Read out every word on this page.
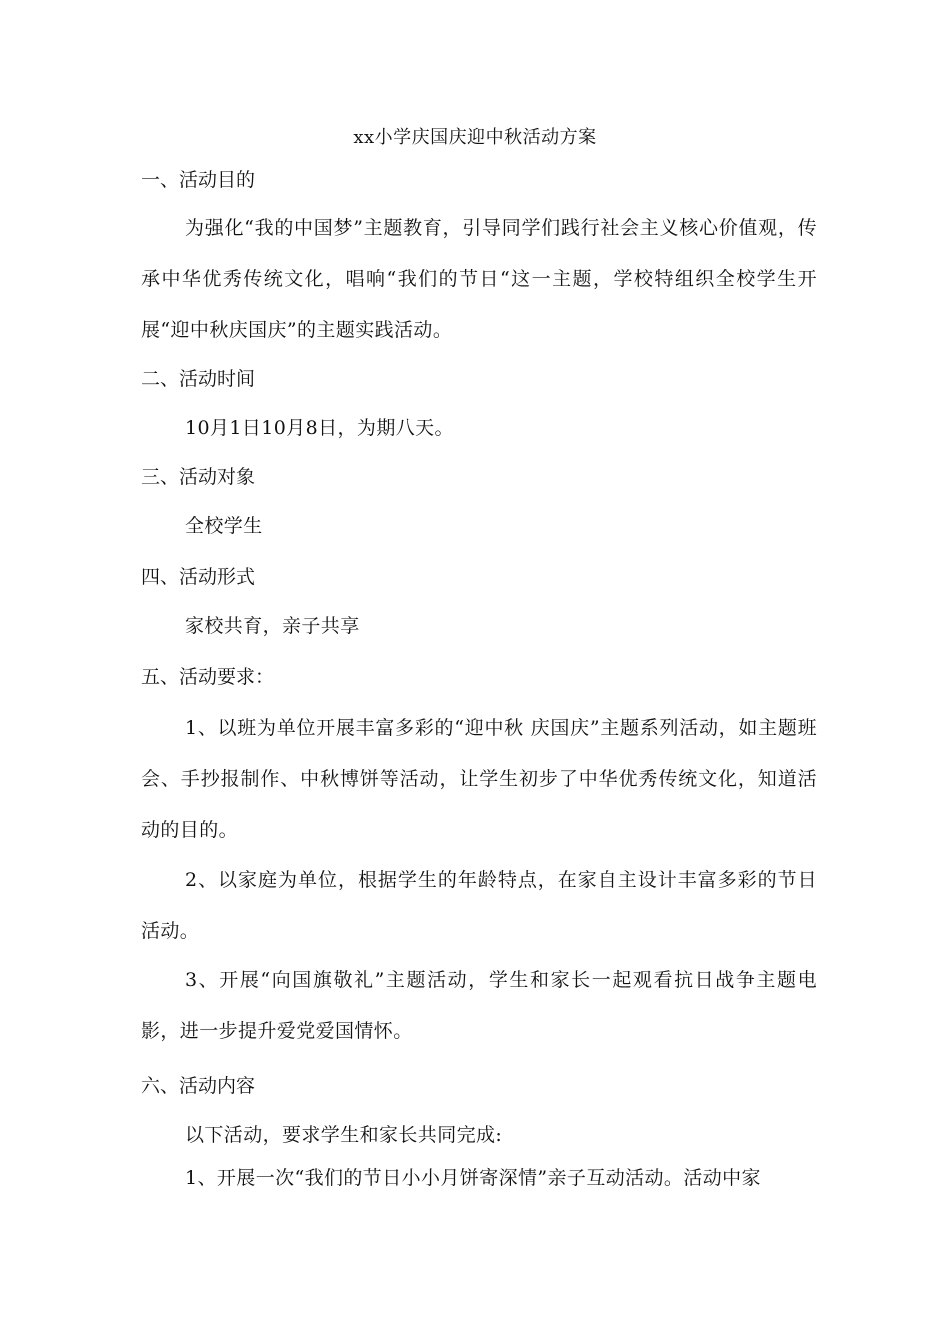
xx小学庆国庆迎中秋活动方案
一、活动目的
为强化“我的中国梦”主题教育，引导同学们践行社会主义核心价值观，传承中华优秀传统文化，唱响“我们的节日“这一主题，学校特组织全校学生开展“迎中秋庆国庆”的主题实践活动。
二、活动时间
10月1日10月8日，为期八天。
三、活动对象
全校学生
四、活动形式
家校共育，亲子共享
五、活动要求：
1、以班为单位开展丰富多彩的“迎中秋 庆国庆”主题系列活动，如主题班会、手抄报制作、中秋博饼等活动，让学生初步了中华优秀传统文化，知道活动的目的。
2、以家庭为单位，根据学生的年龄特点，在家自主设计丰富多彩的节日活动。
3、开展“向国旗敬礼”主题活动，学生和家长一起观看抗日战争主题电影，进一步提升爱党爱国情怀。
六、活动内容
以下活动，要求学生和家长共同完成:
1、开展一次“我们的节日小小月饼寄深情”亲子互动活动。活动中家
